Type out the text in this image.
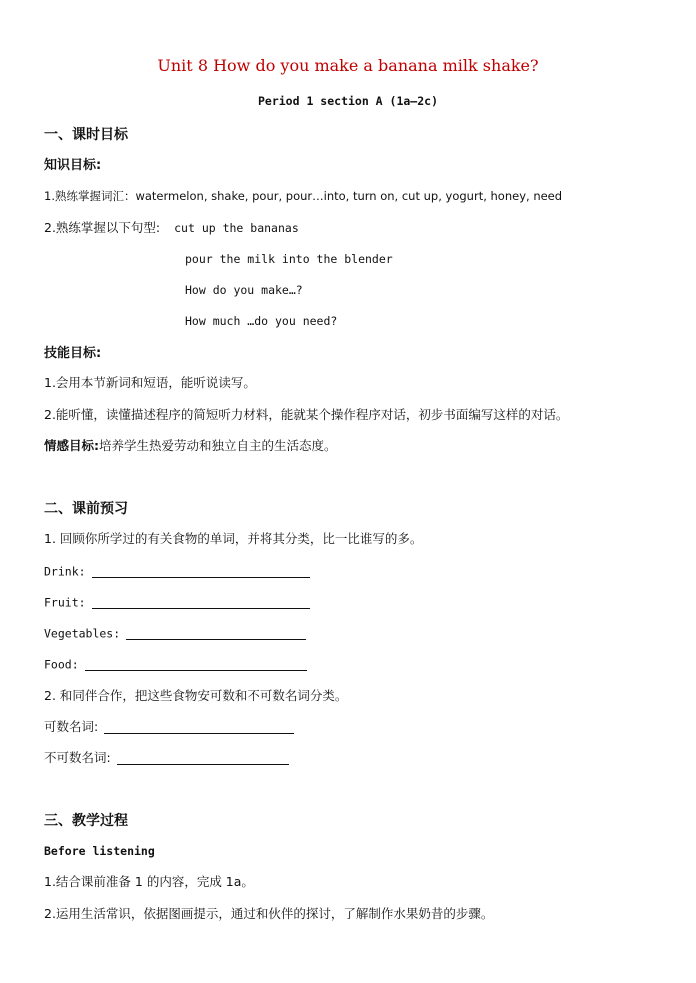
Unit 8 How do you make a banana milk shake?
Period 1 section A (1a—2c)
一、课时目标
知识目标:
1.熟练掌握词汇：watermelon, shake, pour, pour…into, turn on, cut up, yogurt, honey, need
2.熟练掌握以下句型: cut up the bananas
pour the milk into the blender
How do you make…?
How much …do you need?
技能目标:
1.会用本节新词和短语，能听说读写。
2.能听懂，读懂描述程序的简短听力材料，能就某个操作程序对话，初步书面编写这样的对话。
情感目标:培养学生热爱劳动和独立自主的生活态度。
二、课前预习
1. 回顾你所学过的有关食物的单词，并将其分类，比一比谁写的多。
Drink:
Fruit:
Vegetables:
Food:
2. 和同伴合作，把这些食物安可数和不可数名词分类。
可数名词:
不可数名词:
三、教学过程
Before listening
1.结合课前准备 1 的内容，完成 1a。
2.运用生活常识，依据图画提示，通过和伙伴的探讨，了解制作水果奶昔的步骤。
